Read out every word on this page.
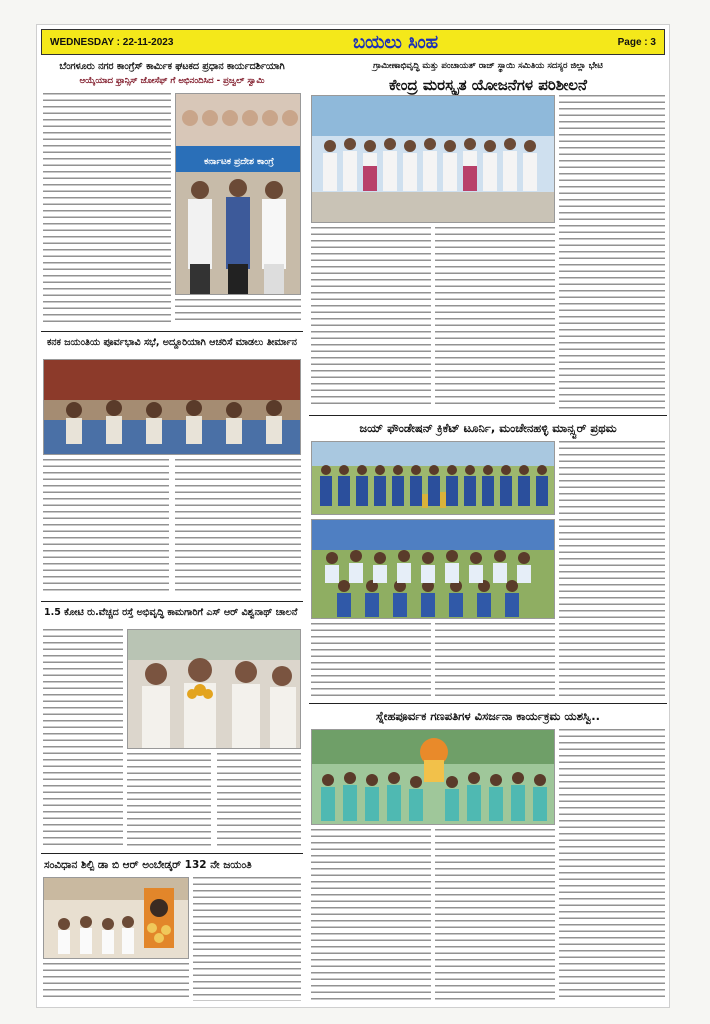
WEDNESDAY : 22-11-2023	ಬಯಲು ಸಿಂಹ	Page : 3
ಬೆಂಗಳೂರು ನಗರ ಕಾಂಗ್ರೆಸ್ ಕಾರ್ಮಿಕ ಘಟಕದ ಪ್ರಧಾನ ಕಾರ್ಯದರ್ಶಿಯಾಗಿ
ಆಯ್ಕೆಯಾದ ಫ್ರಾನ್ಸಿಸ್ ಜೋಸೆಫ್ ಗೆ ಅಭಿನಂದಿಸಿದ - ಪ್ರಜ್ವಲ್ ಸ್ವಾಮಿ
ಕರ್ನಾಟಕ ಪ್ರದೇಶ ಕಾಂಗ್ರೆ
ಕನಕ ಜಯಂತಿಯ ಪೂರ್ವಭಾವಿ ಸಭೆ, ಅದ್ದೂರಿಯಾಗಿ ಆಚರಿಸೆ ಮಾಡಲು ತೀರ್ಮಾನ
1.5 ಕೋಟಿ ರು.ವೆಚ್ಚದ ರಸ್ತೆ ಅಭಿವೃದ್ಧಿ ಕಾಮಗಾರಿಗೆ ಎಸ್ ಆರ್ ವಿಶ್ವನಾಥ್ ಚಾಲನೆ
ಸಂವಿಧಾನ ಶಿಲ್ಪಿ ಡಾ ಬಿ ಆರ್ ಅಂಬೇಡ್ಕರ್ 132 ನೇ ಜಯಂತಿ
ಗ್ರಾಮೀಣಾಭಿವೃದ್ಧಿ ಮತ್ತು ಪಂಚಾಯತ್ ರಾಜ್ ಸ್ಥಾಯಿ ಸಮಿತಿಯ ಸದಸ್ಯರ ಜಿಲ್ಲಾ ಭೇಟಿ
ಕೇಂದ್ರ ಮರಸ್ಕೃತ ಯೋಜನೆಗಳ ಪರಿಶೀಲನೆ
ಜಯ್ ಫೌಂಡೇಷನ್ ಕ್ರಿಕೆಟ್ ಟೂರ್ನಿ, ಮಂಚೇನಹಳ್ಳಿ ಮಾನ್ಸ್ಟರ್ ಪ್ರಥಮ
ಸ್ನೇಹಪೂರ್ವಕ ಗಣಪತಿಗಳ ವಿಸರ್ಜನಾ ಕಾರ್ಯಕ್ರಮ ಯಶಸ್ವಿ..
